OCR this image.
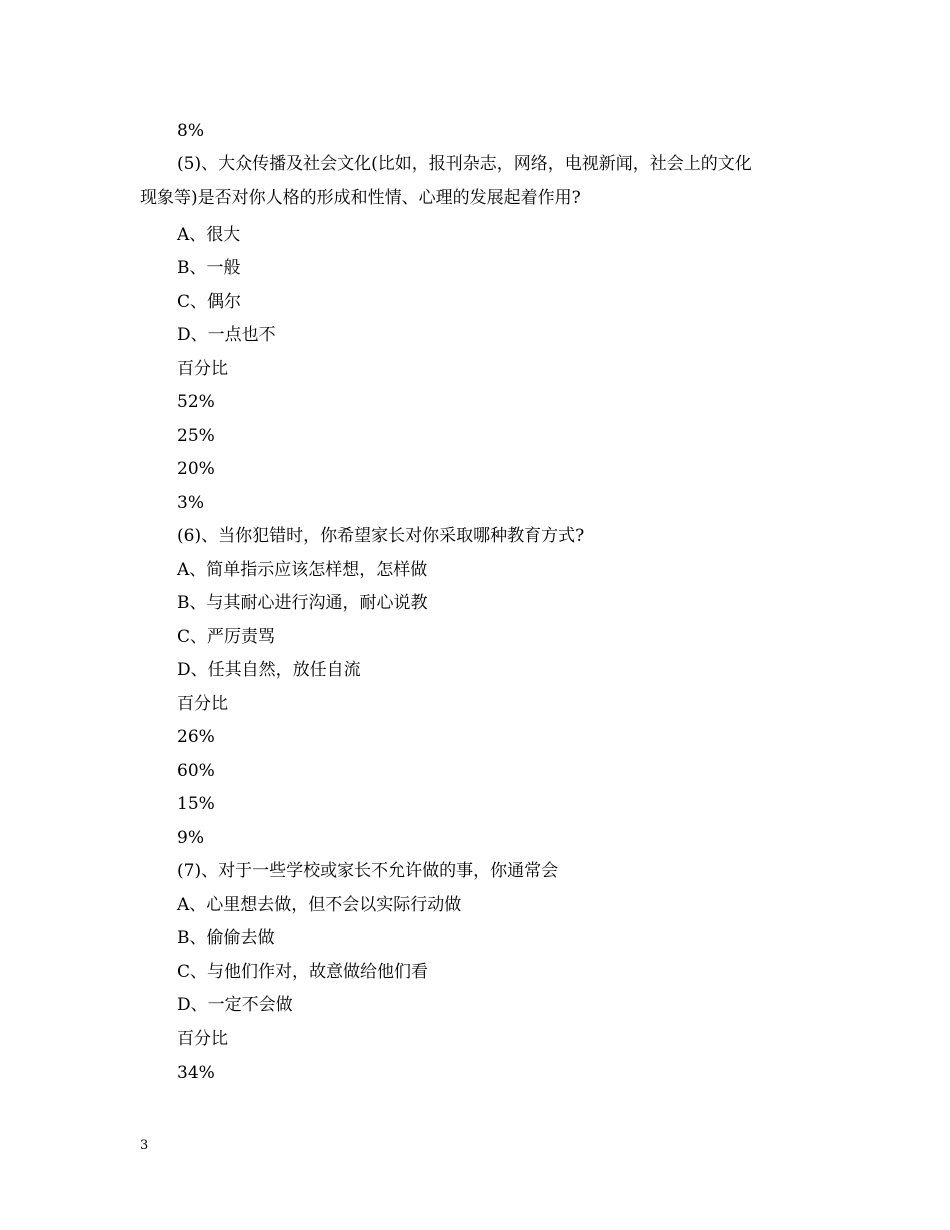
8%
(5)、大众传播及社会文化(比如，报刊杂志，网络，电视新闻，社会上的文化
现象等)是否对你人格的形成和性情、心理的发展起着作用?
A、很大
B、一般
C、偶尔
D、一点也不
百分比
52%
25%
20%
3%
(6)、当你犯错时，你希望家长对你采取哪种教育方式?
A、简单指示应该怎样想，怎样做
B、与其耐心进行沟通，耐心说教
C、严厉责骂
D、任其自然，放任自流
百分比
26%
60%
15%
9%
(7)、对于一些学校或家长不允许做的事，你通常会
A、心里想去做，但不会以实际行动做
B、偷偷去做
C、与他们作对，故意做给他们看
D、一定不会做
百分比
34%
3
